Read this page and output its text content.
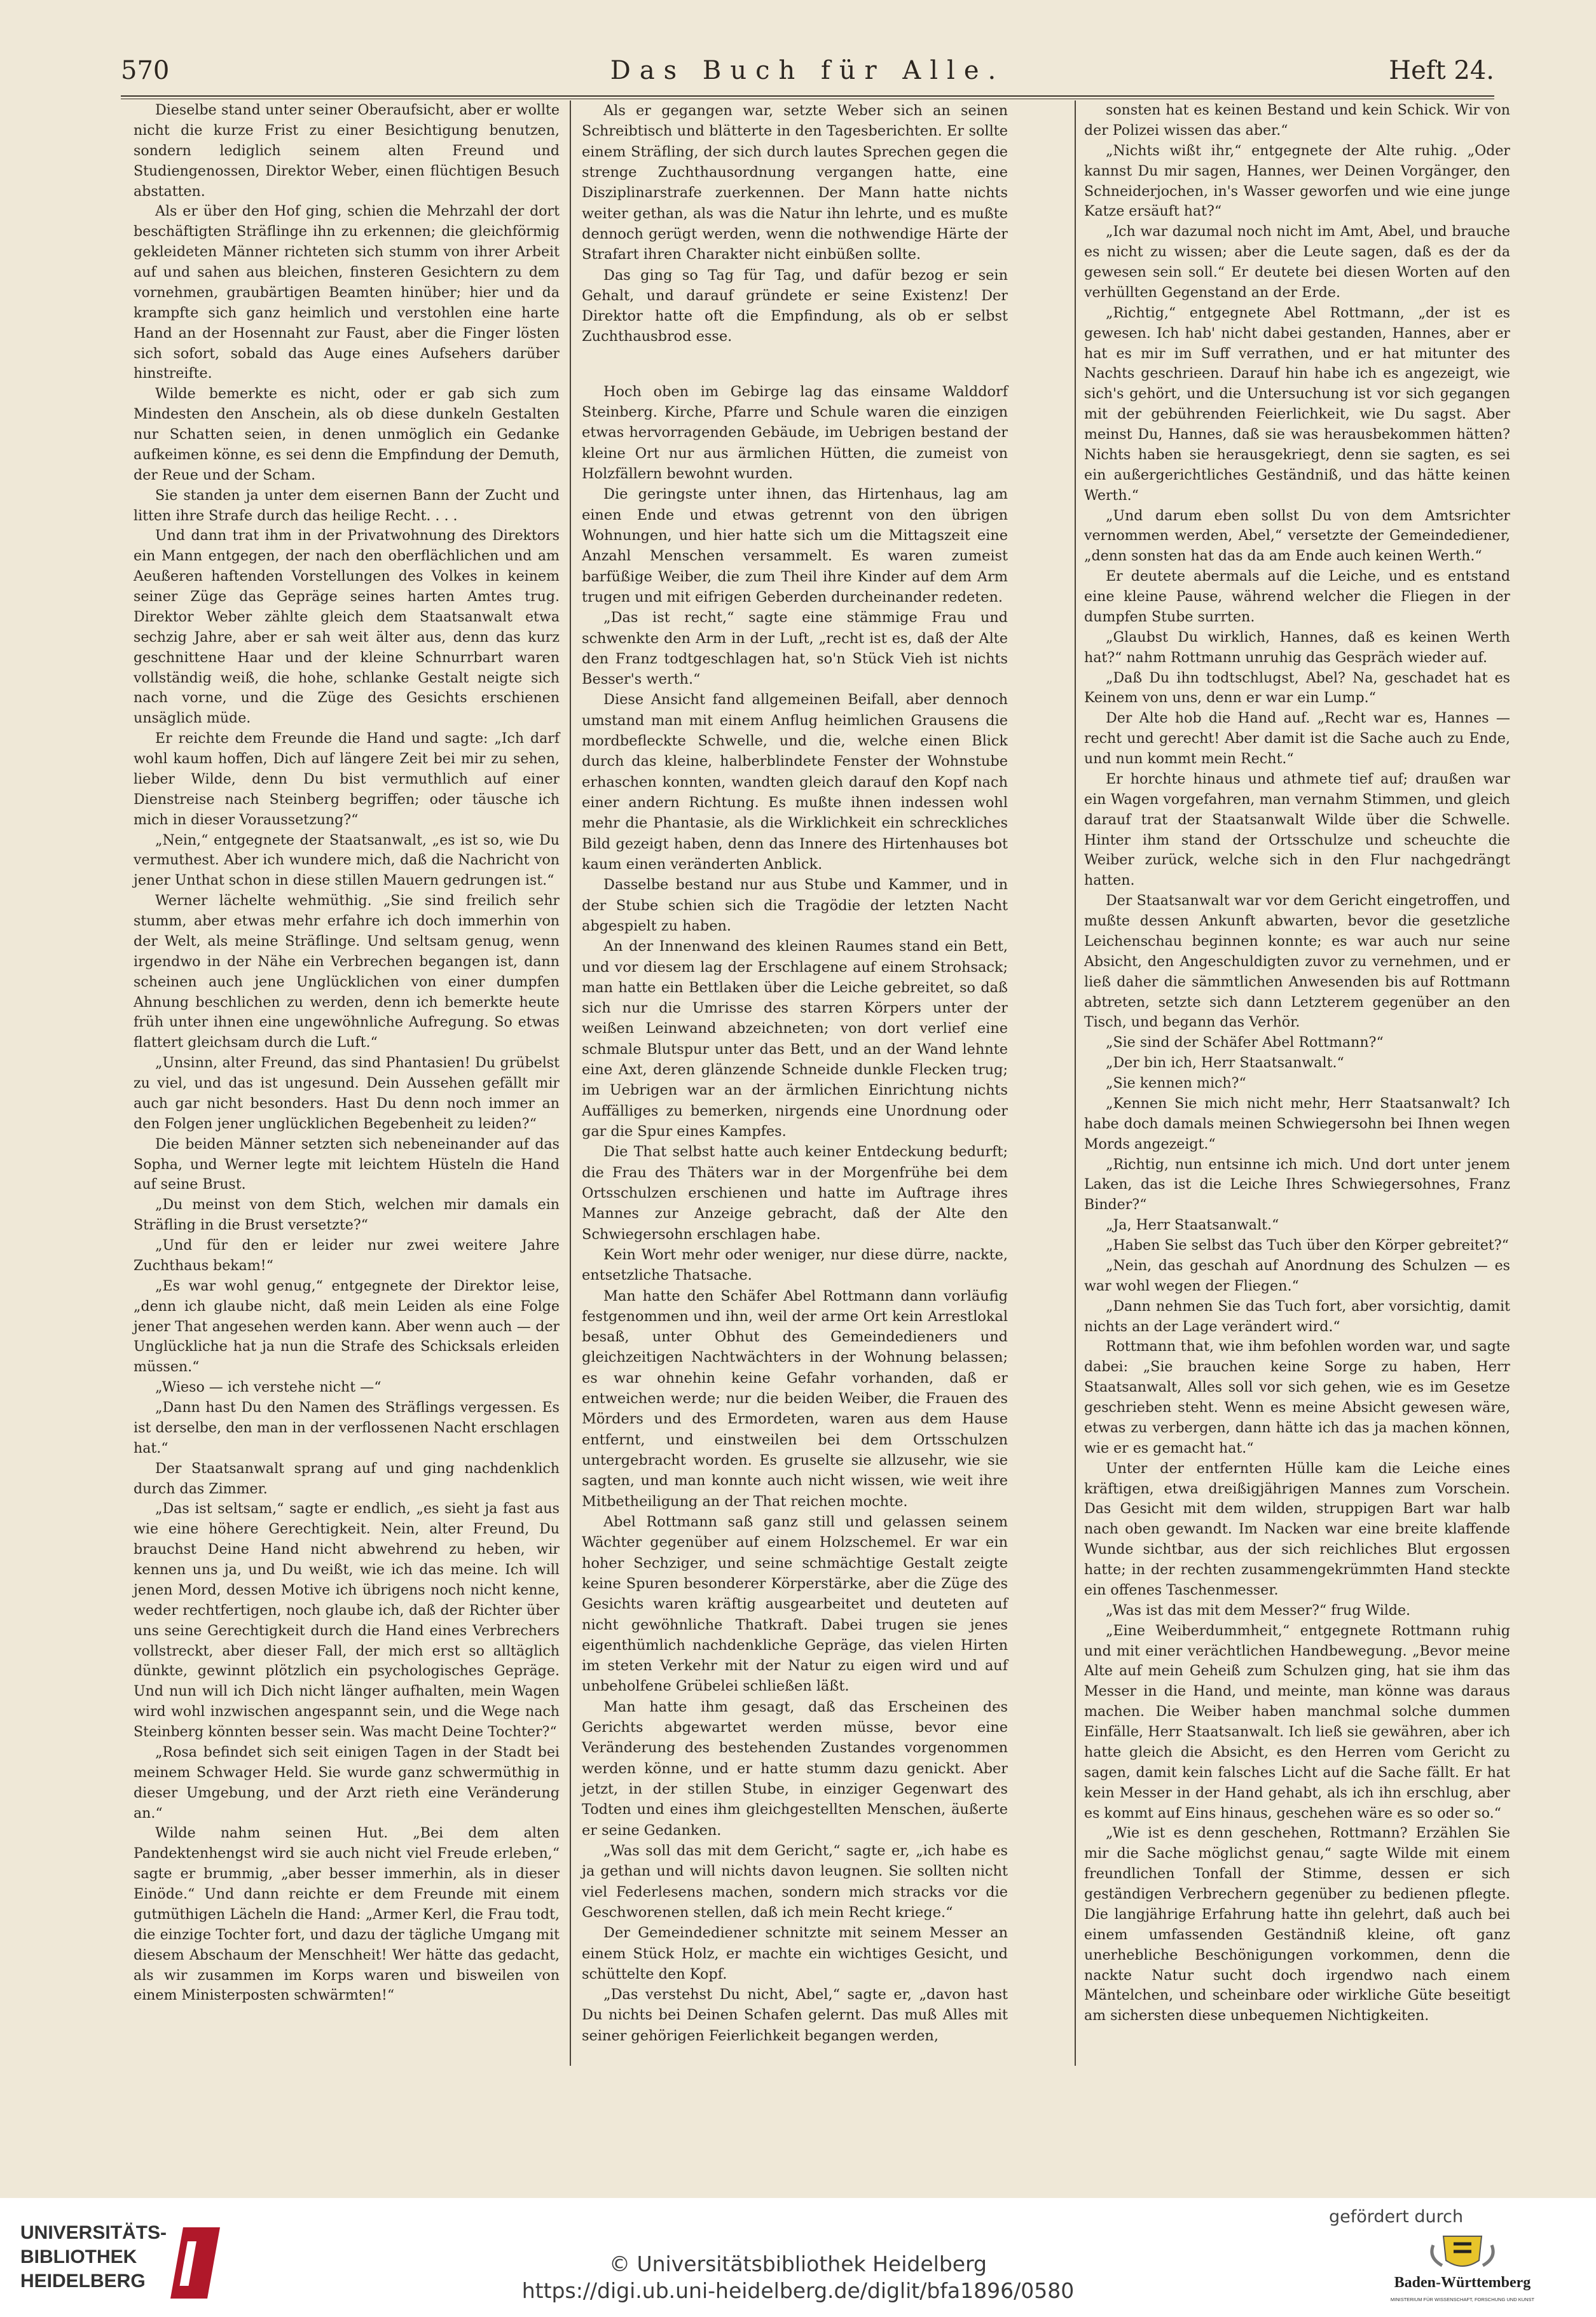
570	Das Buch für Alle.	Heft 24.

Dieselbe stand unter seiner Oberaufsicht, aber er wollte nicht die kurze Frist zu einer Besichtigung benutzen, sondern lediglich seinem alten Freund und Studiengenossen, Direktor Weber, einen flüchtigen Besuch abstatten.

Als er über den Hof ging, schien die Mehrzahl der dort beschäftigten Sträflinge ihn zu erkennen; die gleichförmig gekleideten Männer richteten sich stumm von ihrer Arbeit auf und sahen aus bleichen, finsteren Gesichtern zu dem vornehmen, graubärtigen Beamten hinüber; hier und da krampfte sich ganz heimlich und verstohlen eine harte Hand an der Hosennaht zur Faust, aber die Finger lösten sich sofort, sobald das Auge eines Aufsehers darüber hinstreifte.

Wilde bemerkte es nicht, oder er gab sich zum Mindesten den Anschein, als ob diese dunkeln Gestalten nur Schatten seien, in denen unmöglich ein Gedanke aufkeimen könne, es sei denn die Empfindung der Demuth, der Reue und der Scham.

Sie standen ja unter dem eisernen Bann der Zucht und litten ihre Strafe durch das heilige Recht. . . .

Und dann trat ihm in der Privatwohnung des Direktors ein Mann entgegen, der nach den oberflächlichen und am Aeußeren haftenden Vorstellungen des Volkes in keinem seiner Züge das Gepräge seines harten Amtes trug. Direktor Weber zählte gleich dem Staatsanwalt etwa sechzig Jahre, aber er sah weit älter aus, denn das kurz geschnittene Haar und der kleine Schnurrbart waren vollständig weiß, die hohe, schlanke Gestalt neigte sich nach vorne, und die Züge des Gesichts erschienen unsäglich müde.

Er reichte dem Freunde die Hand und sagte: „Ich darf wohl kaum hoffen, Dich auf längere Zeit bei mir zu sehen, lieber Wilde, denn Du bist vermuthlich auf einer Dienstreise nach Steinberg begriffen; oder täusche ich mich in dieser Voraussetzung?“

„Nein,“ entgegnete der Staatsanwalt, „es ist so, wie Du vermuthest. Aber ich wundere mich, daß die Nachricht von jener Unthat schon in diese stillen Mauern gedrungen ist.“

Werner lächelte wehmüthig. „Sie sind freilich sehr stumm, aber etwas mehr erfahre ich doch immerhin von der Welt, als meine Sträflinge. Und seltsam genug, wenn irgendwo in der Nähe ein Verbrechen begangen ist, dann scheinen auch jene Unglücklichen von einer dumpfen Ahnung beschlichen zu werden, denn ich bemerkte heute früh unter ihnen eine ungewöhnliche Aufregung. So etwas flattert gleichsam durch die Luft.“

„Unsinn, alter Freund, das sind Phantasien! Du grübelst zu viel, und das ist ungesund. Dein Aussehen gefällt mir auch gar nicht besonders. Hast Du denn noch immer an den Folgen jener unglücklichen Begebenheit zu leiden?“

Die beiden Männer setzten sich nebeneinander auf das Sopha, und Werner legte mit leichtem Hüsteln die Hand auf seine Brust.

„Du meinst von dem Stich, welchen mir damals ein Sträfling in die Brust versetzte?“

„Und für den er leider nur zwei weitere Jahre Zuchthaus bekam!“

„Es war wohl genug,“ entgegnete der Direktor leise, „denn ich glaube nicht, daß mein Leiden als eine Folge jener That angesehen werden kann. Aber wenn auch — der Unglückliche hat ja nun die Strafe des Schicksals erleiden müssen.“

„Wieso — ich verstehe nicht —“

„Dann hast Du den Namen des Sträflings vergessen. Es ist derselbe, den man in der verflossenen Nacht erschlagen hat.“

Der Staatsanwalt sprang auf und ging nachdenklich durch das Zimmer.

„Das ist seltsam,“ sagte er endlich, „es sieht ja fast aus wie eine höhere Gerechtigkeit. Nein, alter Freund, Du brauchst Deine Hand nicht abwehrend zu heben, wir kennen uns ja, und Du weißt, wie ich das meine. Ich will jenen Mord, dessen Motive ich übrigens noch nicht kenne, weder rechtfertigen, noch glaube ich, daß der Richter über uns seine Gerechtigkeit durch die Hand eines Verbrechers vollstreckt, aber dieser Fall, der mich erst so alltäglich dünkte, gewinnt plötzlich ein psychologisches Gepräge. Und nun will ich Dich nicht länger aufhalten, mein Wagen wird wohl inzwischen angespannt sein, und die Wege nach Steinberg könnten besser sein. Was macht Deine Tochter?“

„Rosa befindet sich seit einigen Tagen in der Stadt bei meinem Schwager Held. Sie wurde ganz schwermüthig in dieser Umgebung, und der Arzt rieth eine Veränderung an.“

Wilde nahm seinen Hut. „Bei dem alten Pandektenhengst wird sie auch nicht viel Freude erleben,“ sagte er brummig, „aber besser immerhin, als in dieser Einöde.“ Und dann reichte er dem Freunde mit einem gutmüthigen Lächeln die Hand: „Armer Kerl, die Frau todt, die einzige Tochter fort, und dazu der tägliche Umgang mit diesem Abschaum der Menschheit! Wer hätte das gedacht, als wir zusammen im Korps waren und bisweilen von einem Ministerposten schwärmten!“

Als er gegangen war, setzte Weber sich an seinen Schreibtisch und blätterte in den Tagesberichten. Er sollte einem Sträfling, der sich durch lautes Sprechen gegen die strenge Zuchthausordnung vergangen hatte, eine Disziplinarstrafe zuerkennen. Der Mann hatte nichts weiter gethan, als was die Natur ihn lehrte, und es mußte dennoch gerügt werden, wenn die nothwendige Härte der Strafart ihren Charakter nicht einbüßen sollte.

Das ging so Tag für Tag, und dafür bezog er sein Gehalt, und darauf gründete er seine Existenz! Der Direktor hatte oft die Empfindung, als ob er selbst Zuchthausbrod esse.

Hoch oben im Gebirge lag das einsame Walddorf Steinberg. Kirche, Pfarre und Schule waren die einzigen etwas hervorragenden Gebäude, im Uebrigen bestand der kleine Ort nur aus ärmlichen Hütten, die zumeist von Holzfällern bewohnt wurden.

Die geringste unter ihnen, das Hirtenhaus, lag am einen Ende und etwas getrennt von den übrigen Wohnungen, und hier hatte sich um die Mittagszeit eine Anzahl Menschen versammelt. Es waren zumeist barfüßige Weiber, die zum Theil ihre Kinder auf dem Arm trugen und mit eifrigen Geberden durcheinander redeten.

„Das ist recht,“ sagte eine stämmige Frau und schwenkte den Arm in der Luft, „recht ist es, daß der Alte den Franz todtgeschlagen hat, so'n Stück Vieh ist nichts Besser's werth.“

Diese Ansicht fand allgemeinen Beifall, aber dennoch umstand man mit einem Anflug heimlichen Grausens die mordbefleckte Schwelle, und die, welche einen Blick durch das kleine, halberblindete Fenster der Wohnstube erhaschen konnten, wandten gleich darauf den Kopf nach einer andern Richtung. Es mußte ihnen indessen wohl mehr die Phantasie, als die Wirklichkeit ein schreckliches Bild gezeigt haben, denn das Innere des Hirtenhauses bot kaum einen veränderten Anblick.

Dasselbe bestand nur aus Stube und Kammer, und in der Stube schien sich die Tragödie der letzten Nacht abgespielt zu haben.

An der Innenwand des kleinen Raumes stand ein Bett, und vor diesem lag der Erschlagene auf einem Strohsack; man hatte ein Bettlaken über die Leiche gebreitet, so daß sich nur die Umrisse des starren Körpers unter der weißen Leinwand abzeichneten; von dort verlief eine schmale Blutspur unter das Bett, und an der Wand lehnte eine Axt, deren glänzende Schneide dunkle Flecken trug; im Uebrigen war an der ärmlichen Einrichtung nichts Auffälliges zu bemerken, nirgends eine Unordnung oder gar die Spur eines Kampfes.

Die That selbst hatte auch keiner Entdeckung bedurft; die Frau des Thäters war in der Morgenfrühe bei dem Ortsschulzen erschienen und hatte im Auftrage ihres Mannes zur Anzeige gebracht, daß der Alte den Schwiegersohn erschlagen habe.

Kein Wort mehr oder weniger, nur diese dürre, nackte, entsetzliche Thatsache.

Man hatte den Schäfer Abel Rottmann dann vorläufig festgenommen und ihn, weil der arme Ort kein Arrestlokal besaß, unter Obhut des Gemeindedieners und gleichzeitigen Nachtwächters in der Wohnung belassen; es war ohnehin keine Gefahr vorhanden, daß er entweichen werde; nur die beiden Weiber, die Frauen des Mörders und des Ermordeten, waren aus dem Hause entfernt, und einstweilen bei dem Ortsschulzen untergebracht worden. Es gruselte sie allzusehr, wie sie sagten, und man konnte auch nicht wissen, wie weit ihre Mitbetheiligung an der That reichen mochte.

Abel Rottmann saß ganz still und gelassen seinem Wächter gegenüber auf einem Holzschemel. Er war ein hoher Sechziger, und seine schmächtige Gestalt zeigte keine Spuren besonderer Körperstärke, aber die Züge des Gesichts waren kräftig ausgearbeitet und deuteten auf nicht gewöhnliche Thatkraft. Dabei trugen sie jenes eigenthümlich nachdenkliche Gepräge, das vielen Hirten im steten Verkehr mit der Natur zu eigen wird und auf unbeholfene Grübelei schließen läßt.

Man hatte ihm gesagt, daß das Erscheinen des Gerichts abgewartet werden müsse, bevor eine Veränderung des bestehenden Zustandes vorgenommen werden könne, und er hatte stumm dazu genickt. Aber jetzt, in der stillen Stube, in einziger Gegenwart des Todten und eines ihm gleichgestellten Menschen, äußerte er seine Gedanken.

„Was soll das mit dem Gericht,“ sagte er, „ich habe es ja gethan und will nichts davon leugnen. Sie sollten nicht viel Federlesens machen, sondern mich stracks vor die Geschworenen stellen, daß ich mein Recht kriege.“

Der Gemeindediener schnitzte mit seinem Messer an einem Stück Holz, er machte ein wichtiges Gesicht, und schüttelte den Kopf.

„Das verstehst Du nicht, Abel,“ sagte er, „davon hast Du nichts bei Deinen Schafen gelernt. Das muß Alles mit seiner gehörigen Feierlichkeit begangen werden,

sonsten hat es keinen Bestand und kein Schick. Wir von der Polizei wissen das aber.“

„Nichts wißt ihr,“ entgegnete der Alte ruhig. „Oder kannst Du mir sagen, Hannes, wer Deinen Vorgänger, den Schneiderjochen, in's Wasser geworfen und wie eine junge Katze ersäuft hat?“

„Ich war dazumal noch nicht im Amt, Abel, und brauche es nicht zu wissen; aber die Leute sagen, daß es der da gewesen sein soll.“ Er deutete bei diesen Worten auf den verhüllten Gegenstand an der Erde.

„Richtig,“ entgegnete Abel Rottmann, „der ist es gewesen. Ich hab' nicht dabei gestanden, Hannes, aber er hat es mir im Suff verrathen, und er hat mitunter des Nachts geschrieen. Darauf hin habe ich es angezeigt, wie sich's gehört, und die Untersuchung ist vor sich gegangen mit der gebührenden Feierlichkeit, wie Du sagst. Aber meinst Du, Hannes, daß sie was herausbekommen hätten? Nichts haben sie herausgekriegt, denn sie sagten, es sei ein außergerichtliches Geständniß, und das hätte keinen Werth.“

„Und darum eben sollst Du von dem Amtsrichter vernommen werden, Abel,“ versetzte der Gemeindediener, „denn sonsten hat das da am Ende auch keinen Werth.“

Er deutete abermals auf die Leiche, und es entstand eine kleine Pause, während welcher die Fliegen in der dumpfen Stube surrten.

„Glaubst Du wirklich, Hannes, daß es keinen Werth hat?“ nahm Rottmann unruhig das Gespräch wieder auf.

„Daß Du ihn todtschlugst, Abel? Na, geschadet hat es Keinem von uns, denn er war ein Lump.“

Der Alte hob die Hand auf. „Recht war es, Hannes — recht und gerecht! Aber damit ist die Sache auch zu Ende, und nun kommt mein Recht.“

Er horchte hinaus und athmete tief auf; draußen war ein Wagen vorgefahren, man vernahm Stimmen, und gleich darauf trat der Staatsanwalt Wilde über die Schwelle. Hinter ihm stand der Ortsschulze und scheuchte die Weiber zurück, welche sich in den Flur nachgedrängt hatten.

Der Staatsanwalt war vor dem Gericht eingetroffen, und mußte dessen Ankunft abwarten, bevor die gesetzliche Leichenschau beginnen konnte; es war auch nur seine Absicht, den Angeschuldigten zuvor zu vernehmen, und er ließ daher die sämmtlichen Anwesenden bis auf Rottmann abtreten, setzte sich dann Letzterem gegenüber an den Tisch, und begann das Verhör.

„Sie sind der Schäfer Abel Rottmann?“

„Der bin ich, Herr Staatsanwalt.“

„Sie kennen mich?“

„Kennen Sie mich nicht mehr, Herr Staatsanwalt? Ich habe doch damals meinen Schwiegersohn bei Ihnen wegen Mords angezeigt.“

„Richtig, nun entsinne ich mich. Und dort unter jenem Laken, das ist die Leiche Ihres Schwiegersohnes, Franz Binder?“

„Ja, Herr Staatsanwalt.“

„Haben Sie selbst das Tuch über den Körper gebreitet?“

„Nein, das geschah auf Anordnung des Schulzen — es war wohl wegen der Fliegen.“

„Dann nehmen Sie das Tuch fort, aber vorsichtig, damit nichts an der Lage verändert wird.“

Rottmann that, wie ihm befohlen worden war, und sagte dabei: „Sie brauchen keine Sorge zu haben, Herr Staatsanwalt, Alles soll vor sich gehen, wie es im Gesetze geschrieben steht. Wenn es meine Absicht gewesen wäre, etwas zu verbergen, dann hätte ich das ja machen können, wie er es gemacht hat.“

Unter der entfernten Hülle kam die Leiche eines kräftigen, etwa dreißigjährigen Mannes zum Vorschein. Das Gesicht mit dem wilden, struppigen Bart war halb nach oben gewandt. Im Nacken war eine breite klaffende Wunde sichtbar, aus der sich reichliches Blut ergossen hatte; in der rechten zusammengekrümmten Hand steckte ein offenes Taschenmesser.

„Was ist das mit dem Messer?“ frug Wilde.

„Eine Weiberdummheit,“ entgegnete Rottmann ruhig und mit einer verächtlichen Handbewegung. „Bevor meine Alte auf mein Geheiß zum Schulzen ging, hat sie ihm das Messer in die Hand, und meinte, man könne was daraus machen. Die Weiber haben manchmal solche dummen Einfälle, Herr Staatsanwalt. Ich ließ sie gewähren, aber ich hatte gleich die Absicht, es den Herren vom Gericht zu sagen, damit kein falsches Licht auf die Sache fällt. Er hat kein Messer in der Hand gehabt, als ich ihn erschlug, aber es kommt auf Eins hinaus, geschehen wäre es so oder so.“

„Wie ist es denn geschehen, Rottmann? Erzählen Sie mir die Sache möglichst genau,“ sagte Wilde mit einem freundlichen Tonfall der Stimme, dessen er sich geständigen Verbrechern gegenüber zu bedienen pflegte. Die langjährige Erfahrung hatte ihn gelehrt, daß auch bei einem umfassenden Geständniß kleine, oft ganz unerhebliche Beschönigungen vorkommen, denn die nackte Natur sucht doch irgendwo nach einem Mäntelchen, und scheinbare oder wirkliche Güte beseitigt am sichersten diese unbequemen Nichtigkeiten.

UNIVERSITÄTS-
BIBLIOTHEK
HEIDELBERG
© Universitätsbibliothek Heidelberg
https://digi.ub.uni-heidelberg.de/diglit/bfa1896/0580
gefördert durch
Baden-Württemberg
MINISTERIUM FÜR WISSENSCHAFT, FORSCHUNG UND KUNST
